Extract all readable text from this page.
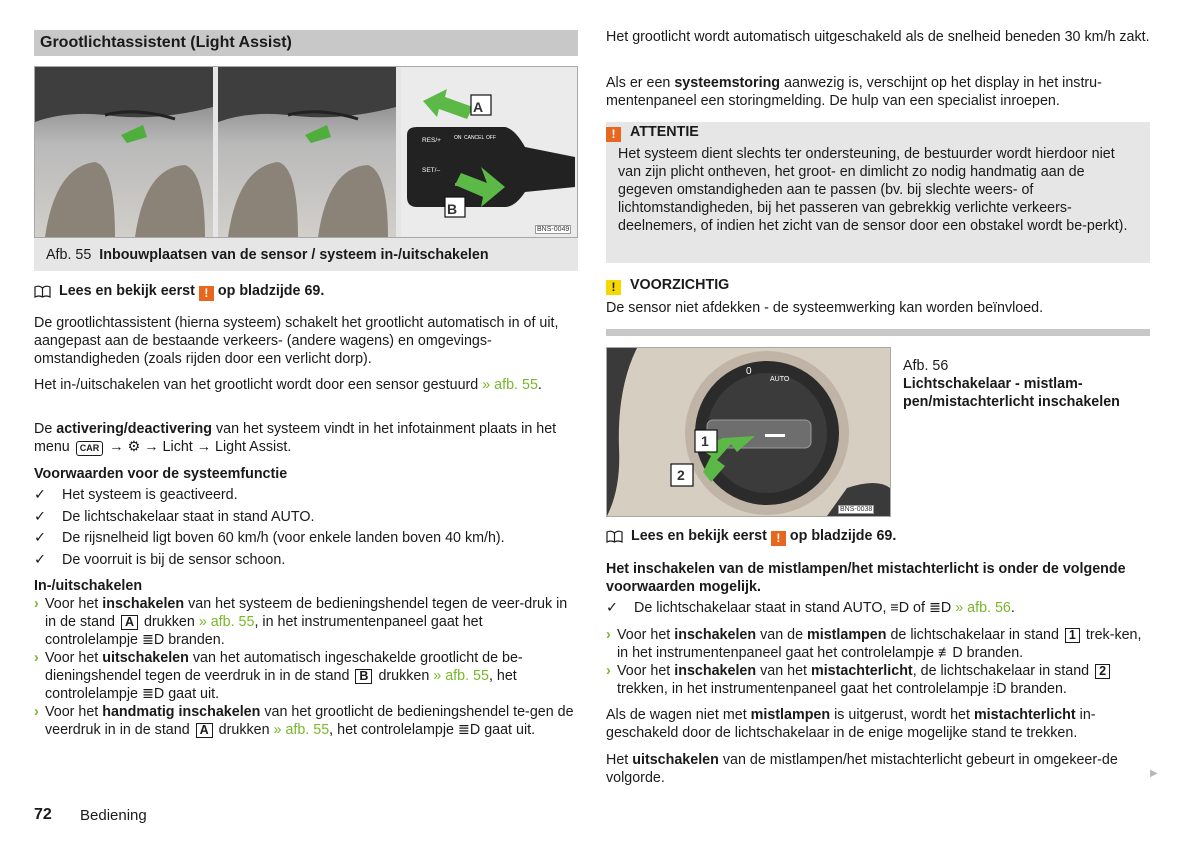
Grootlichtassistent (Light Assist)
A
B
RES/+	ON CANCEL OFF
SET/–
BNS-0049
Afb. 55 Inbouwplaatsen van de sensor / systeem in-/uitschakelen

Lees en bekijk eerst ! op bladzijde 69.

De grootlichtassistent (hierna systeem) schakelt het grootlicht automatisch in of uit, aangepast aan de bestaande verkeers- (andere wagens) en omgevings-omstandigheden (zoals rijden door een verlicht dorp).

Het in-/uitschakelen van het grootlicht wordt door een sensor gestuurd » afb. 55.

De activering/deactivering van het systeem vindt in het infotainment plaats in het menu CAR → ⚙ → Licht → Light Assist.

Voorwaarden voor de systeemfunctie

✓ Het systeem is geactiveerd.
✓ De lichtschakelaar staat in stand AUTO.
✓ De rijsnelheid ligt boven 60 km/h (voor enkele landen boven 40 km/h).
✓ De voorruit is bij de sensor schoon.

In-/uitschakelen

› Voor het inschakelen van het systeem de bedieningshendel tegen de veer-druk in in de stand A drukken » afb. 55, in het instrumentenpaneel gaat het controlelampje ≣D branden.
› Voor het uitschakelen van het automatisch ingeschakelde grootlicht de be-dieningshendel tegen de veerdruk in in de stand B drukken » afb. 55, het controlelampje ≣D gaat uit.
› Voor het handmatig inschakelen van het grootlicht de bedieningshendel te-gen de veerdruk in in de stand A drukken » afb. 55, het controlelampje ≣D gaat uit.

Het grootlicht wordt automatisch uitgeschakeld als de snelheid beneden 30 km/h zakt.

Als er een systeemstoring aanwezig is, verschijnt op het display in het instru-mentenpaneel een storingmelding. De hulp van een specialist inroepen.

! ATTENTIE

Het systeem dient slechts ter ondersteuning, de bestuurder wordt hierdoor niet van zijn plicht ontheven, het groot- en dimlicht zo nodig handmatig aan de gegeven omstandigheden aan te passen (bv. bij slechte weers- of lichtomstandigheden, bij het passeren van gebrekkig verlichte verkeers-deelnemers, of indien het zicht van de sensor door een obstakel wordt be-perkt).

! VOORZICHTIG

De sensor niet afdekken - de systeemwerking kan worden beïnvloed.

0
AUTO
1
2
BNS-0038

Afb. 56

Lichtschakelaar - mistlam-pen/mistachterlicht inschakelen

Lees en bekijk eerst ! op bladzijde 69.

Het inschakelen van de mistlampen/het mistachterlicht is onder de volgende voorwaarden mogelijk.

✓ De lichtschakelaar staat in stand AUTO, ≡D of ≣D » afb. 56.
› Voor het inschakelen van de mistlampen de lichtschakelaar in stand 1 trek-ken, in het instrumentenpaneel gaat het controlelampje ≢D branden.
› Voor het inschakelen van het mistachterlicht, de lichtschakelaar in stand 2 trekken, in het instrumentenpaneel gaat het controlelampje ⦙D branden.

Als de wagen niet met mistlampen is uitgerust, wordt het mistachterlicht in-geschakeld door de lichtschakelaar in de enige mogelijke stand te trekken.

Het uitschakelen van de mistlampen/het mistachterlicht gebeurt in omgekeer-de volgorde.	▶
72 Bediening
